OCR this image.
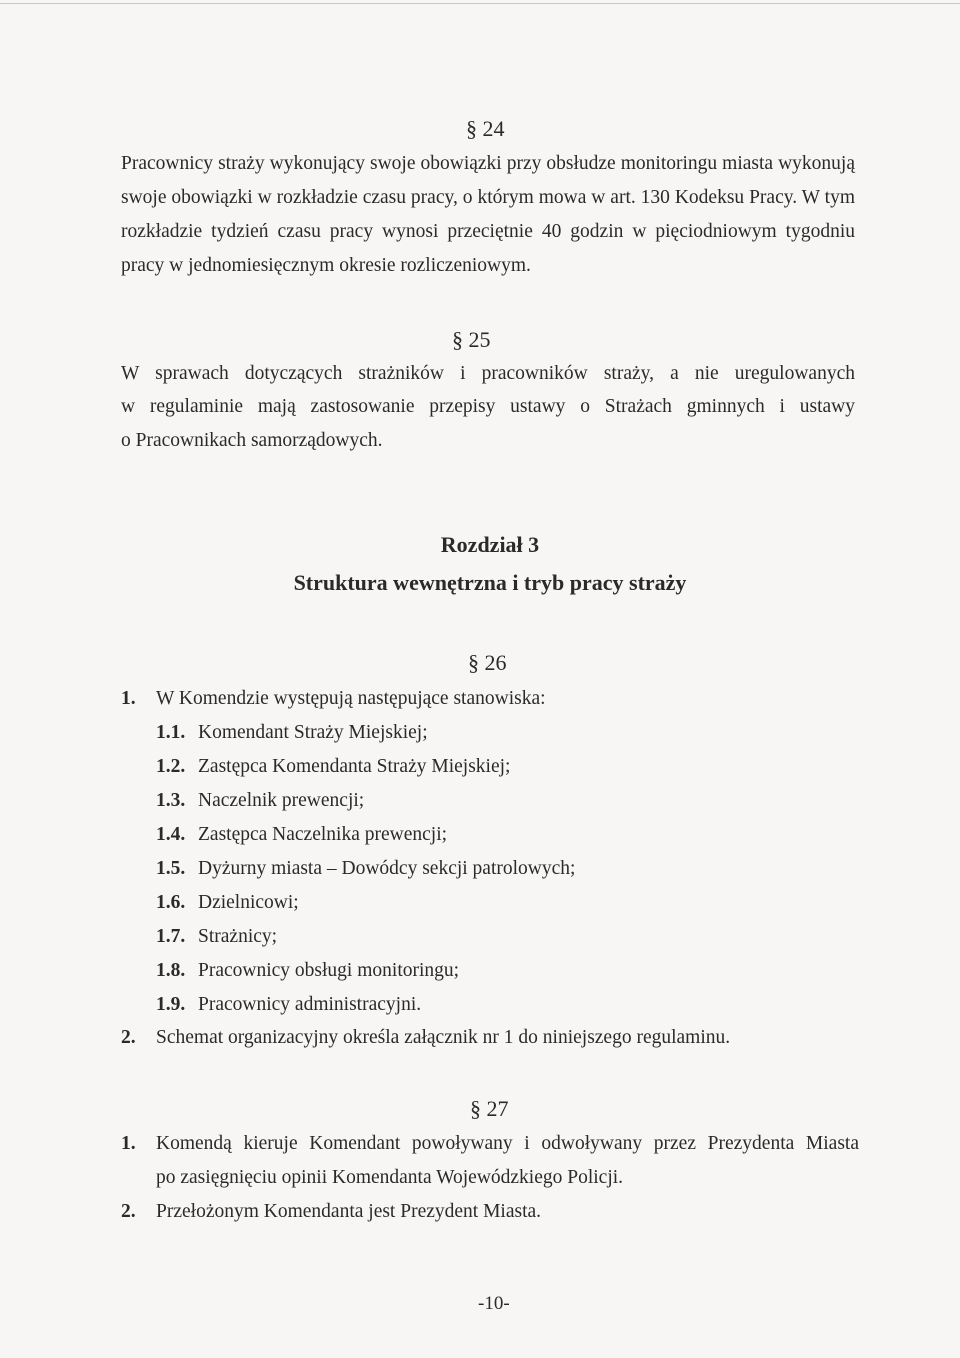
§ 24
Pracownicy straży wykonujący swoje obowiązki przy obsłudze monitoringu miasta wykonują
swoje obowiązki w rozkładzie czasu pracy, o którym mowa w art. 130 Kodeksu Pracy. W tym
rozkładzie tydzień czasu pracy wynosi przeciętnie 40 godzin w pięciodniowym tygodniu
pracy w jednomiesięcznym okresie rozliczeniowym.
§ 25
W sprawach dotyczących strażników i pracowników straży, a nie uregulowanych
w regulaminie mają zastosowanie przepisy ustawy o Strażach gminnych i ustawy
o Pracownikach samorządowych.
Rozdział 3
Struktura wewnętrzna i tryb pracy straży
§ 26
1. W Komendzie występują następujące stanowiska:
1.1. Komendant Straży Miejskiej;
1.2. Zastępca Komendanta Straży Miejskiej;
1.3. Naczelnik prewencji;
1.4. Zastępca Naczelnika prewencji;
1.5. Dyżurny miasta – Dowódcy sekcji patrolowych;
1.6. Dzielnicowi;
1.7. Strażnicy;
1.8. Pracownicy obsługi monitoringu;
1.9. Pracownicy administracyjni.
2. Schemat organizacyjny określa załącznik nr 1 do niniejszego regulaminu.
§ 27
1. Komendą kieruje Komendant powoływany i odwoływany przez Prezydenta Miasta
po zasięgnięciu opinii Komendanta Wojewódzkiego Policji.
2. Przełożonym Komendanta jest Prezydent Miasta.
-10-
